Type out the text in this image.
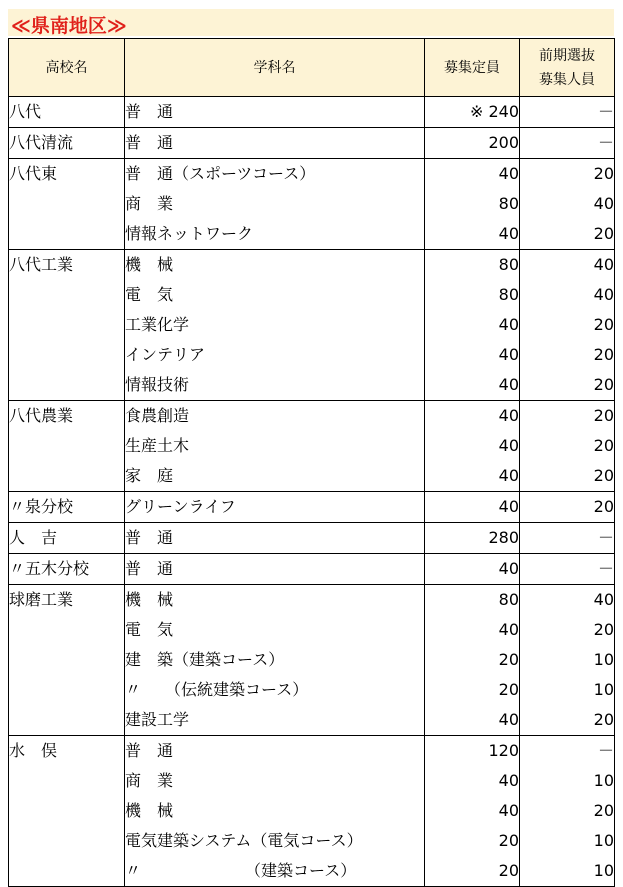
≪県南地区≫
高校名	学科名	募集定員	前期選抜
募集人員

八代	普　通	※ 240	－
八代清流	普　通	200	－
八代東	普　通（スポーツコース）	40	20
	商　業	80	40
	情報ネットワーク	40	20
八代工業	機　械	80	40
	電　気	80	40
	工業化学	40	20
	インテリア	40	20
	情報技術	40	20
八代農業	食農創造	40	20
	生産土木	40	20
	家　庭	40	20
〃泉分校	グリーンライフ	40	20
人　吉	普　通	280	－
〃五木分校	普　通	40	－
球磨工業	機　械	80	40
	電　気	40	20
	建　築（建築コース）	20	10
	〃　　（伝統建築コース）	20	10
	建設工学	40	20
水　俣	普　通	120	－
	商　業	40	10
	機　械	40	20
	電気建築システム（電気コース）	20	10
	〃　　　　　　　（建築コース）	20	10
